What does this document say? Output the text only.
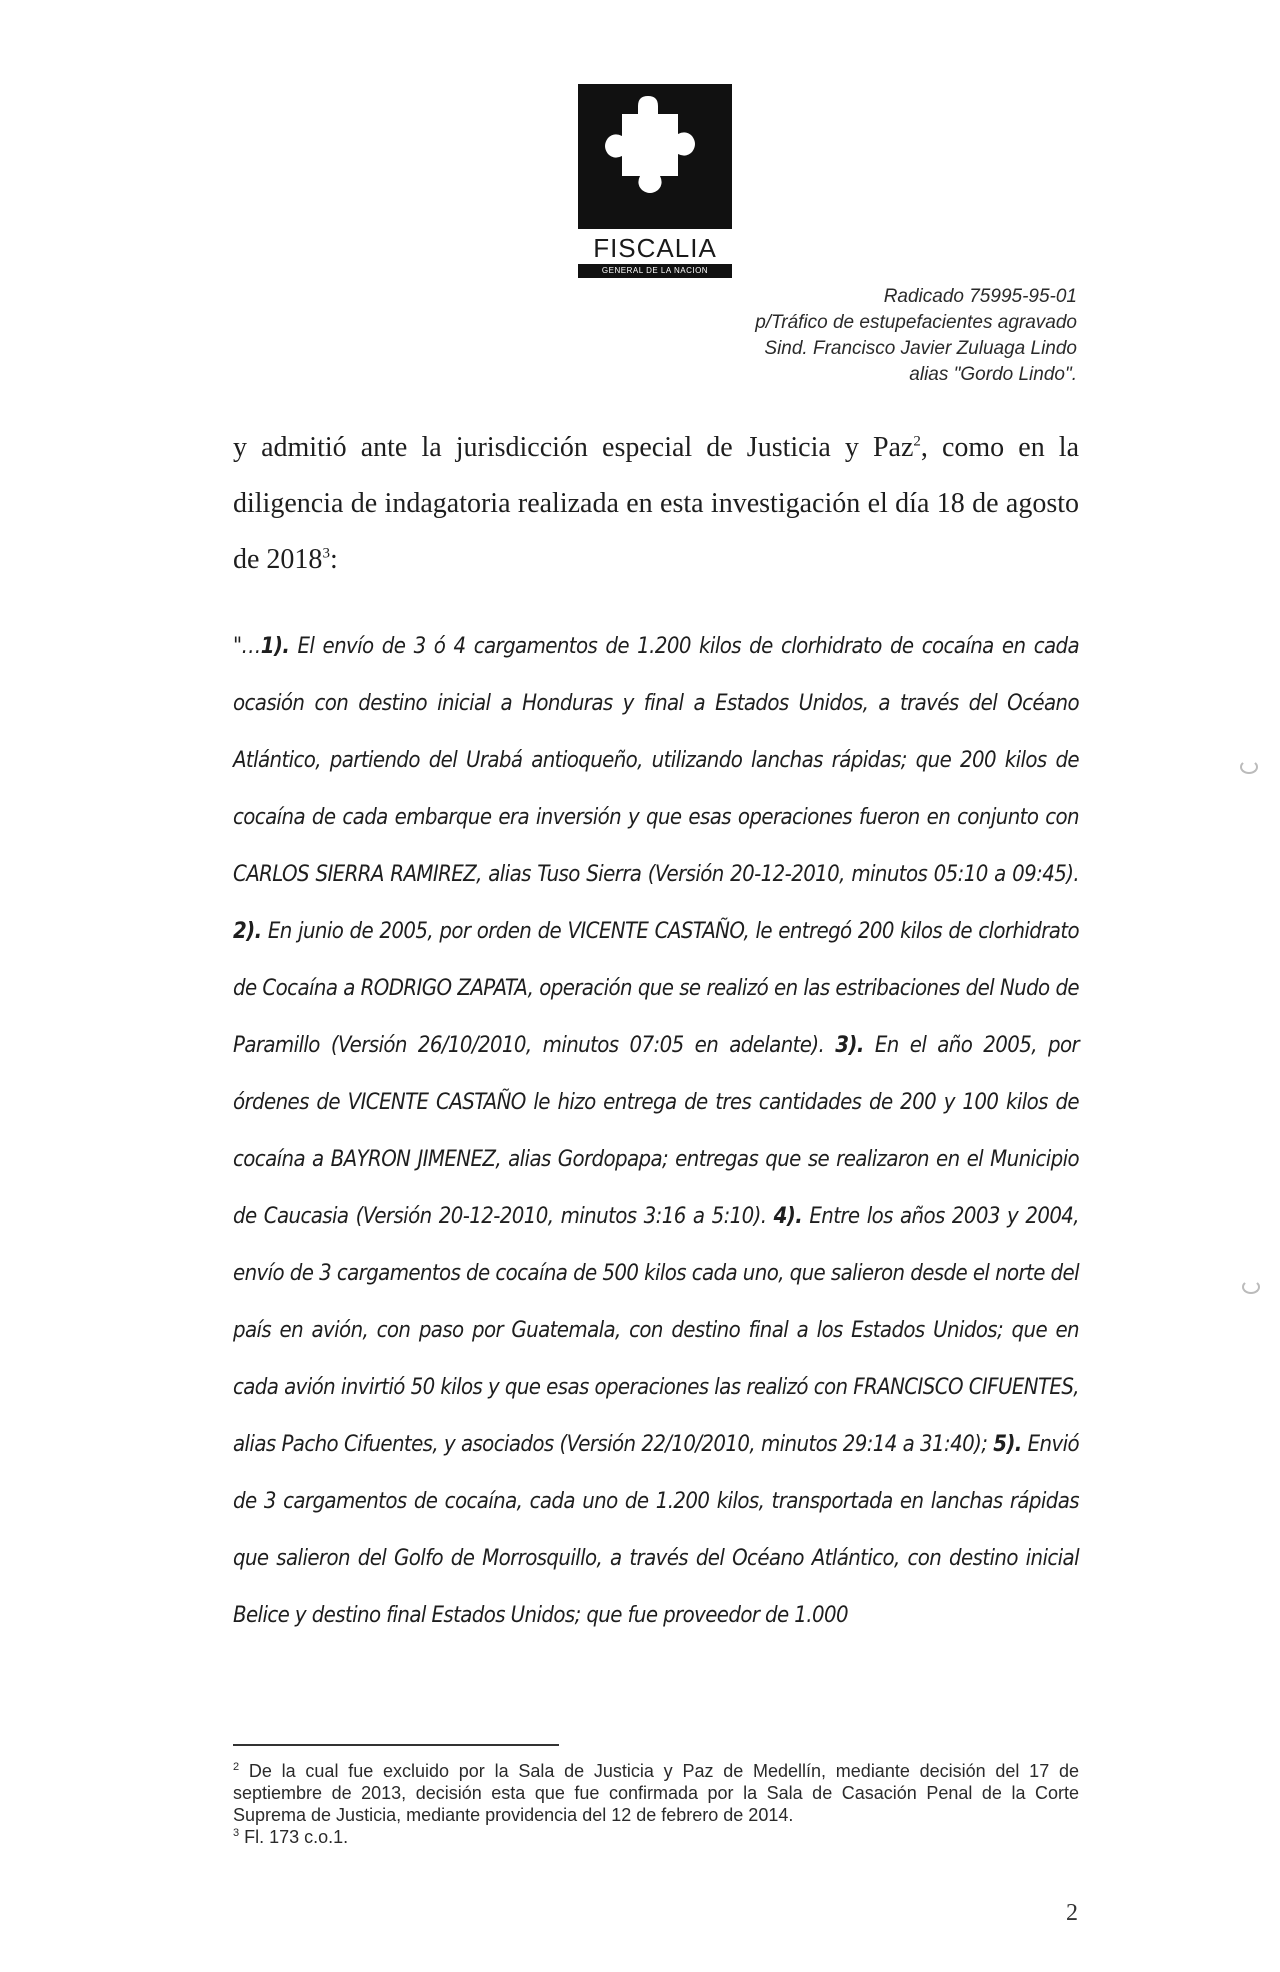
FISCALIA
GENERAL DE LA NACION
Radicado 75995-95-01
p/Tráfico de estupefacientes agravado
Sind. Francisco Javier Zuluaga Lindo
alias "Gordo Lindo".
y admitió ante la jurisdicción especial de Justicia y Paz$^2$, como en la diligencia de indagatoria realizada en esta investigación el día 18 de agosto de 2018$^3$:
"…1). El envío de 3 ó 4 cargamentos de 1.200 kilos de clorhidrato de cocaína en cada ocasión con destino inicial a Honduras y final a Estados Unidos, a través del Océano Atlántico, partiendo del Urabá antioqueño, utilizando lanchas rápidas; que 200 kilos de cocaína de cada embarque era inversión y que esas operaciones fueron en conjunto con CARLOS SIERRA RAMIREZ, alias Tuso Sierra (Versión 20-12-2010, minutos 05:10 a 09:45). 2). En junio de 2005, por orden de VICENTE CASTAÑO, le entregó 200 kilos de clorhidrato de Cocaína a RODRIGO ZAPATA, operación que se realizó en las estribaciones del Nudo de Paramillo (Versión 26/10/2010, minutos 07:05 en adelante). 3). En el año 2005, por órdenes de VICENTE CASTAÑO le hizo entrega de tres cantidades de 200 y 100 kilos de cocaína a BAYRON JIMENEZ, alias Gordopapa; entregas que se realizaron en el Municipio de Caucasia (Versión 20-12-2010, minutos 3:16 a 5:10). 4). Entre los años 2003 y 2004, envío de 3 cargamentos de cocaína de 500 kilos cada uno, que salieron desde el norte del país en avión, con paso por Guatemala, con destino final a los Estados Unidos; que en cada avión invirtió 50 kilos y que esas operaciones las realizó con FRANCISCO CIFUENTES, alias Pacho Cifuentes, y asociados (Versión 22/10/2010, minutos 29:14 a 31:40); 5). Envió de 3 cargamentos de cocaína, cada uno de 1.200 kilos, transportada en lanchas rápidas que salieron del Golfo de Morrosquillo, a través del Océano Atlántico, con destino inicial Belice y destino final Estados Unidos; que fue proveedor de 1.000

$^2$ De la cual fue excluido por la Sala de Justicia y Paz de Medellín, mediante decisión del 17 de septiembre de 2013, decisión esta que fue confirmada por la Sala de Casación Penal de la Corte Suprema de Justicia, mediante providencia del 12 de febrero de 2014.

$^3$ Fl. 173 c.o.1.

2
